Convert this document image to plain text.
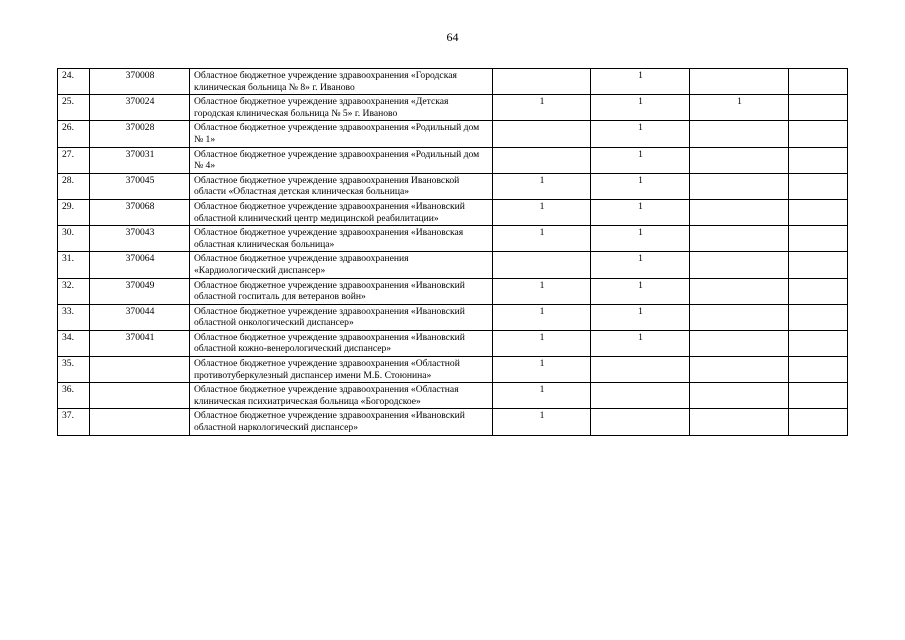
64
24.	370008	Областное бюджетное учреждение здравоохранения «Городская клиническая больница № 8» г. Иваново		1		
25.	370024	Областное бюджетное учреждение здравоохранения «Детская городская клиническая больница № 5» г. Иваново	1	1	1	
26.	370028	Областное бюджетное учреждение здравоохранения «Родильный дом № 1»		1		
27.	370031	Областное бюджетное учреждение здравоохранения «Родильный дом № 4»		1		
28.	370045	Областное бюджетное учреждение здравоохранения Ивановской области «Областная детская клиническая больница»	1	1		
29.	370068	Областное бюджетное учреждение здравоохранения «Ивановский областной клинический центр медицинской реабилитации»	1	1		
30.	370043	Областное бюджетное учреждение здравоохранения «Ивановская областная клиническая больница»	1	1		
31.	370064	Областное бюджетное учреждение здравоохранения «Кардиологический диспансер»		1		
32.	370049	Областное бюджетное учреждение здравоохранения «Ивановский областной госпиталь для ветеранов войн»	1	1		
33.	370044	Областное бюджетное учреждение здравоохранения «Ивановский областной онкологический диспансер»	1	1		
34.	370041	Областное бюджетное учреждение здравоохранения «Ивановский областной кожно-венерологический диспансер»	1	1		
35.		Областное бюджетное учреждение здравоохранения «Областной противотуберкулезный диспансер имени М.Б. Стоюнина»	1			
36.		Областное бюджетное учреждение здравоохранения «Областная клиническая психиатрическая больница «Богородское»	1			
37.		Областное бюджетное учреждение здравоохранения «Ивановский областной наркологический диспансер»	1			
